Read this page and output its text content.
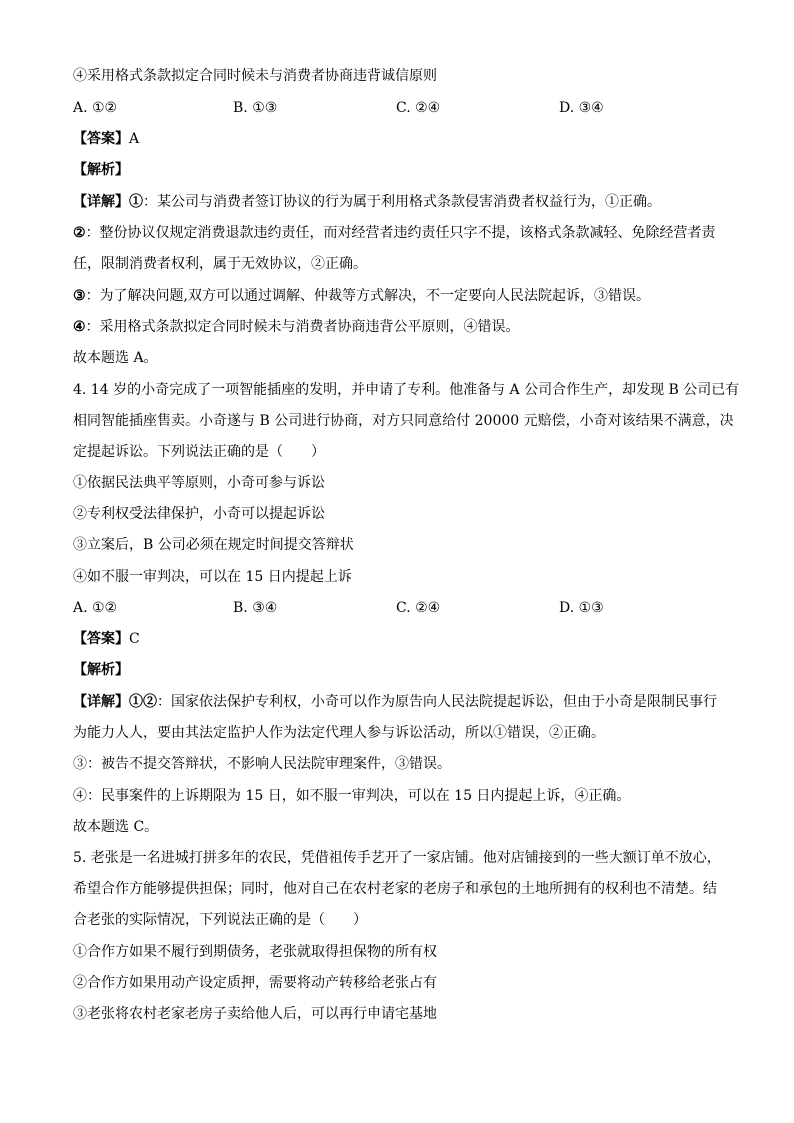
④采用格式条款拟定合同时候未与消费者协商违背诚信原则
A. ①②	B. ①③	C. ②④	D. ③④
【答案】A
【解析】
【详解】①：某公司与消费者签订协议的行为属于利用格式条款侵害消费者权益行为，①正确。
②：整份协议仅规定消费退款违约责任，而对经营者违约责任只字不提，该格式条款减轻、免除经营者责
任，限制消费者权利，属于无效协议，②正确。
③：为了解决问题,双方可以通过调解、仲裁等方式解决，不一定要向人民法院起诉，③错误。
④：采用格式条款拟定合同时候未与消费者协商违背公平原则，④错误。
故本题选 A。
4. 14 岁的小奇完成了一项智能插座的发明，并申请了专利。他准备与 A 公司合作生产，却发现 B 公司已有
相同智能插座售卖。小奇遂与 B 公司进行协商，对方只同意给付 20000 元赔偿，小奇对该结果不满意，决
定提起诉讼。下列说法正确的是（　　）
①依据民法典平等原则，小奇可参与诉讼
②专利权受法律保护，小奇可以提起诉讼
③立案后，B 公司必须在规定时间提交答辩状
④如不服一审判决，可以在 15 日内提起上诉
A. ①②	B. ③④	C. ②④	D. ①③
【答案】C
【解析】
【详解】①②：国家依法保护专利权，小奇可以作为原告向人民法院提起诉讼，但由于小奇是限制民事行
为能力人人，要由其法定监护人作为法定代理人参与诉讼活动，所以①错误，②正确。
③：被告不提交答辩状，不影响人民法院审理案件，③错误。
④：民事案件的上诉期限为 15 日，如不服一审判决，可以在 15 日内提起上诉，④正确。
故本题选 C。
5. 老张是一名进城打拼多年的农民，凭借祖传手艺开了一家店铺。他对店铺接到的一些大额订单不放心，
希望合作方能够提供担保；同时，他对自己在农村老家的老房子和承包的土地所拥有的权利也不清楚。结
合老张的实际情况，下列说法正确的是（　　）
①合作方如果不履行到期债务，老张就取得担保物的所有权
②合作方如果用动产设定质押，需要将动产转移给老张占有
③老张将农村老家老房子卖给他人后，可以再行申请宅基地
